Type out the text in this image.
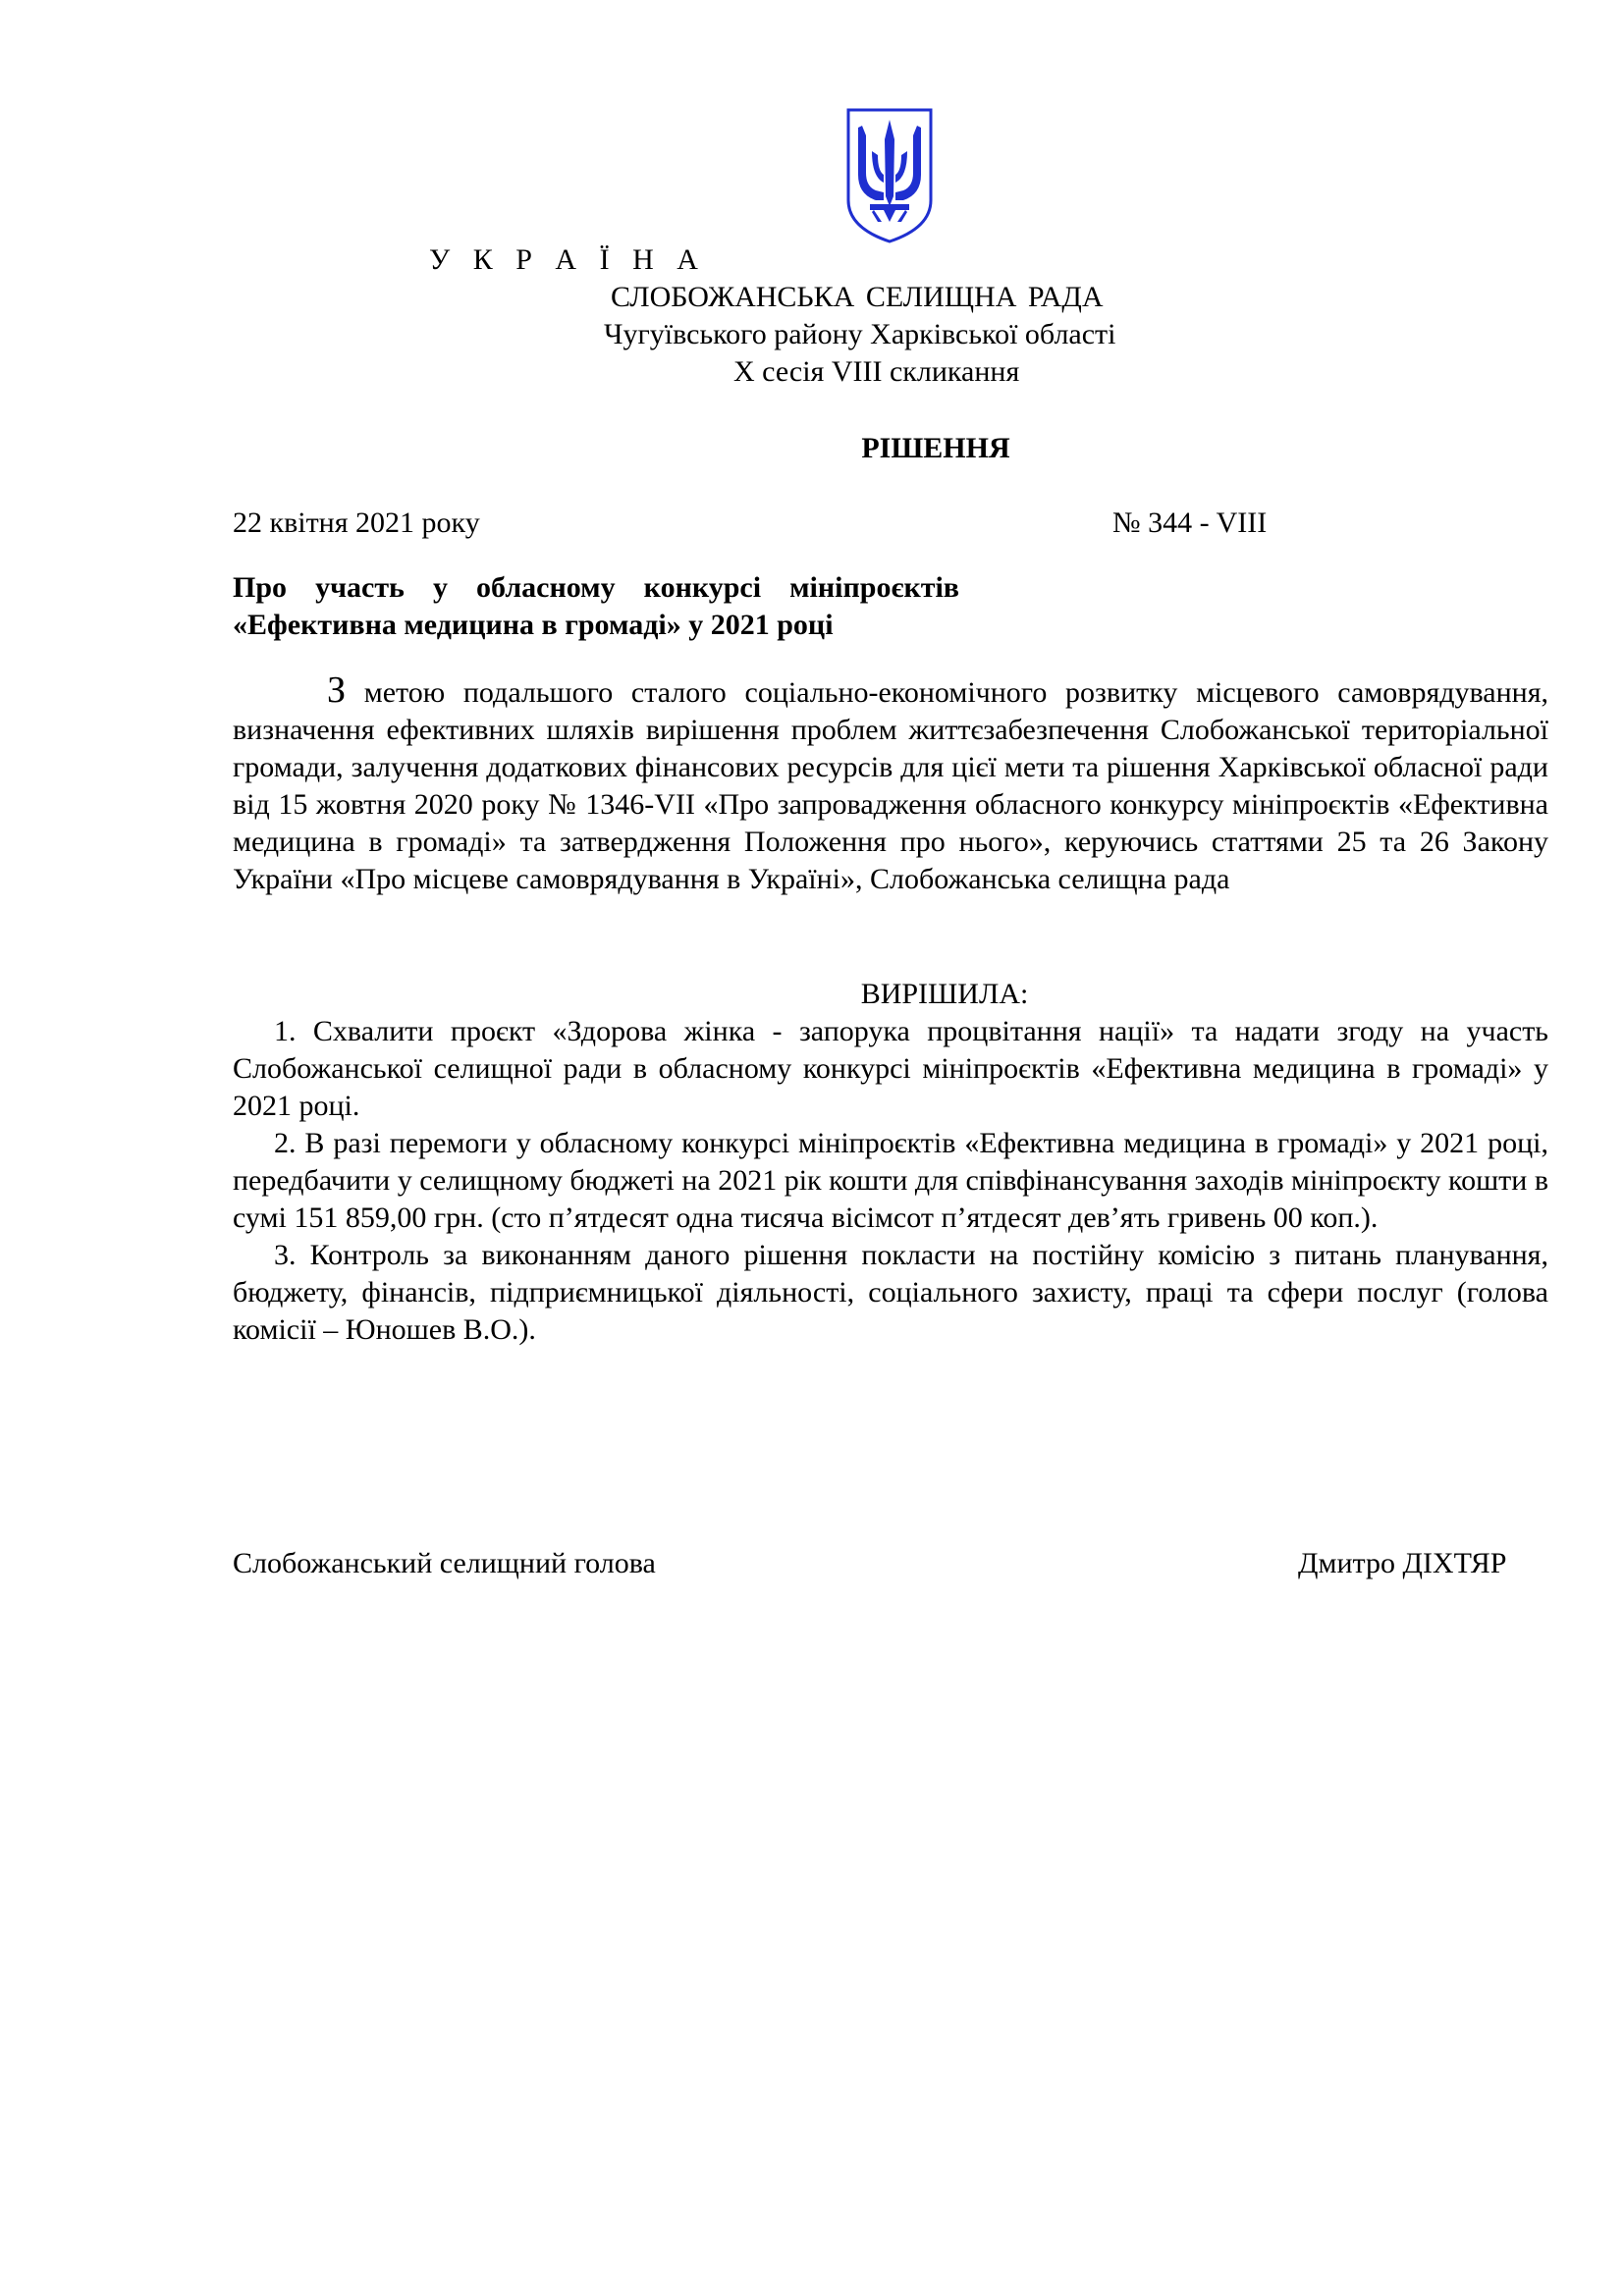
У К Р А Ї Н А
СЛОБОЖАНСЬКА СЕЛИЩНА РАДА
Чугуївського району Харківської області
Х сесія VIII скликання
РІШЕННЯ
22 квітня 2021 року	№ 344 - VIII
Про участь у обласному конкурсі мініпроєктів
«Ефективна медицина в громаді» у 2021 році
З метою подальшого сталого соціально-економічного розвитку місцевого самоврядування, визначення ефективних шляхів вирішення проблем життєзабезпечення Слобожанської територіальної громади, залучення додаткових фінансових ресурсів для цієї мети та рішення Харківської обласної ради від 15 жовтня 2020 року № 1346-VII «Про запровадження обласного конкурсу мініпроєктів «Ефективна медицина в громаді» та затвердження Положення про нього», керуючись статтями 25 та 26 Закону України «Про місцеве самоврядування в Україні», Слобожанська селищна рада
ВИРІШИЛА:

1. Схвалити проєкт «Здорова жінка - запорука процвітання нації» та надати згоду на участь Слобожанської селищної ради в обласному конкурсі мініпроєктів «Ефективна медицина в громаді» у 2021 році.

2. В разі перемоги у обласному конкурсі мініпроєктів «Ефективна медицина в громаді» у 2021 році, передбачити у селищному бюджеті на 2021 рік кошти для співфінансування заходів мініпроєкту кошти в сумі 151 859,00 грн. (сто п’ятдесят одна тисяча вісімсот п’ятдесят дев’ять гривень 00 коп.).

3. Контроль за виконанням даного рішення покласти на постійну комісію з питань планування, бюджету, фінансів, підприємницької діяльності, соціального захисту, праці та сфери послуг (голова комісії – Юношев В.О.).

Слобожанський селищний голова	Дмитро ДІХТЯР
